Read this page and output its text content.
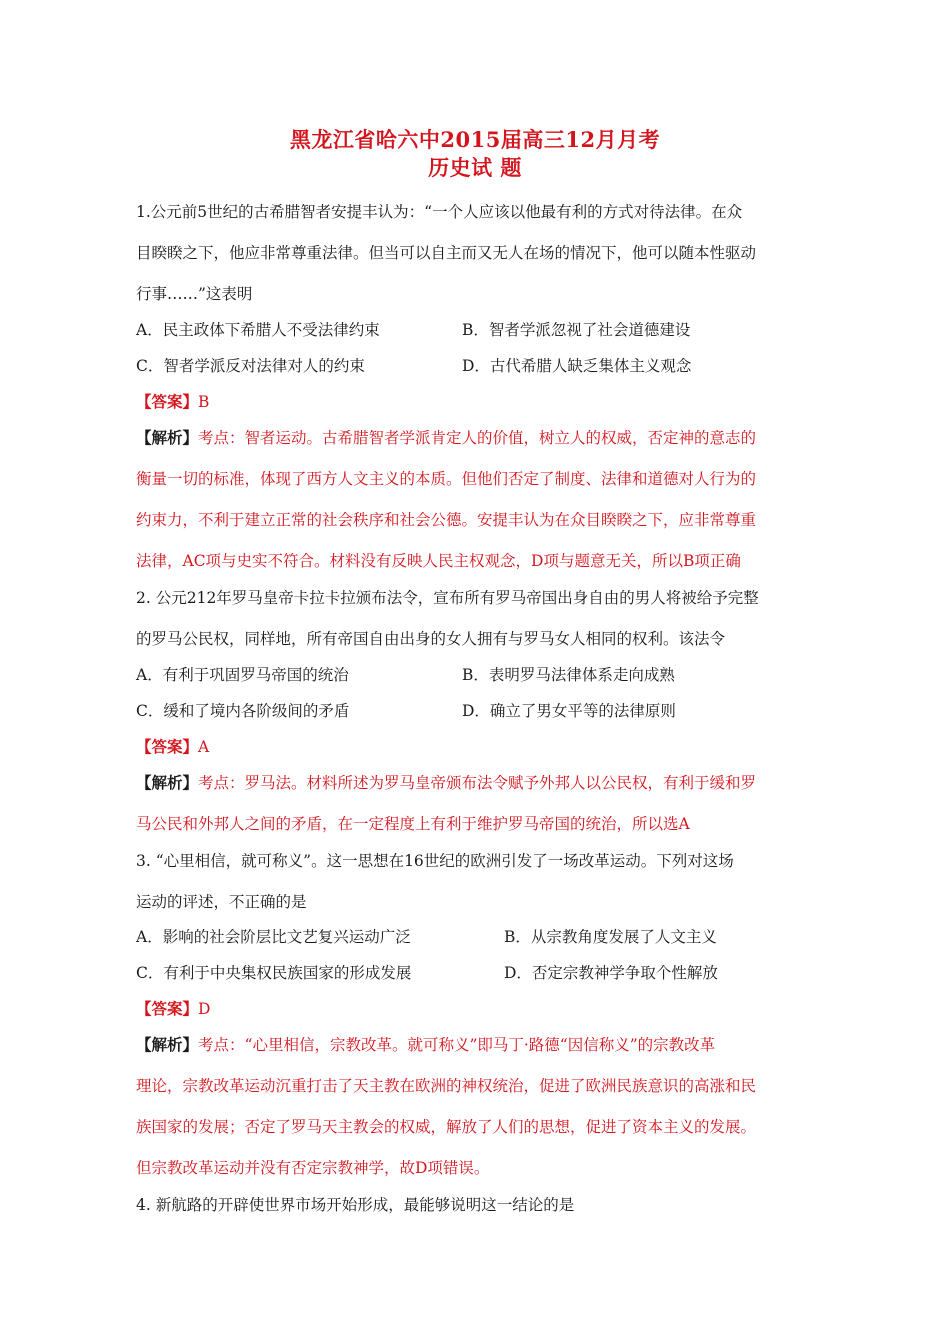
黑龙江省哈六中2015届高三12月月考
历史试 题
1.公元前5世纪的古希腊智者安提丰认为：“一个人应该以他最有利的方式对待法律。在众
目睽睽之下，他应非常尊重法律。但当可以自主而又无人在场的情况下，他可以随本性驱动
行事……”这表明
A．民主政体下希腊人不受法律约束	B．智者学派忽视了社会道德建设
C．智者学派反对法律对人的约束	D．古代希腊人缺乏集体主义观念
【答案】B
【解析】考点：智者运动。古希腊智者学派肯定人的价值，树立人的权威，否定神的意志的
衡量一切的标准，体现了西方人文主义的本质。但他们否定了制度、法律和道德对人行为的
约束力，不利于建立正常的社会秩序和社会公德。安提丰认为在众目睽睽之下，应非常尊重
法律，AC项与史实不符合。材料没有反映人民主权观念，D项与题意无关，所以B项正确
2. 公元212年罗马皇帝卡拉卡拉颁布法令，宣布所有罗马帝国出身自由的男人将被给予完整
的罗马公民权，同样地，所有帝国自由出身的女人拥有与罗马女人相同的权利。该法令
A．有利于巩固罗马帝国的统治	B．表明罗马法律体系走向成熟
C．缓和了境内各阶级间的矛盾	D．确立了男女平等的法律原则
【答案】A
【解析】考点：罗马法。材料所述为罗马皇帝颁布法令赋予外邦人以公民权，有利于缓和罗
马公民和外邦人之间的矛盾，在一定程度上有利于维护罗马帝国的统治，所以选A
3. “心里相信，就可称义”。这一思想在16世纪的欧洲引发了一场改革运动。下列对这场
运动的评述，不正确的是
A．影响的社会阶层比文艺复兴运动广泛	B．从宗教角度发展了人文主义
C．有利于中央集权民族国家的形成发展	D．否定宗教神学争取个性解放
【答案】D
【解析】考点：“心里相信，宗教改革。就可称义”即马丁·路德“因信称义”的宗教改革
理论，宗教改革运动沉重打击了天主教在欧洲的神权统治，促进了欧洲民族意识的高涨和民
族国家的发展；否定了罗马天主教会的权威，解放了人们的思想，促进了资本主义的发展。
但宗教改革运动并没有否定宗教神学，故D项错误。
4. 新航路的开辟使世界市场开始形成，最能够说明这一结论的是
